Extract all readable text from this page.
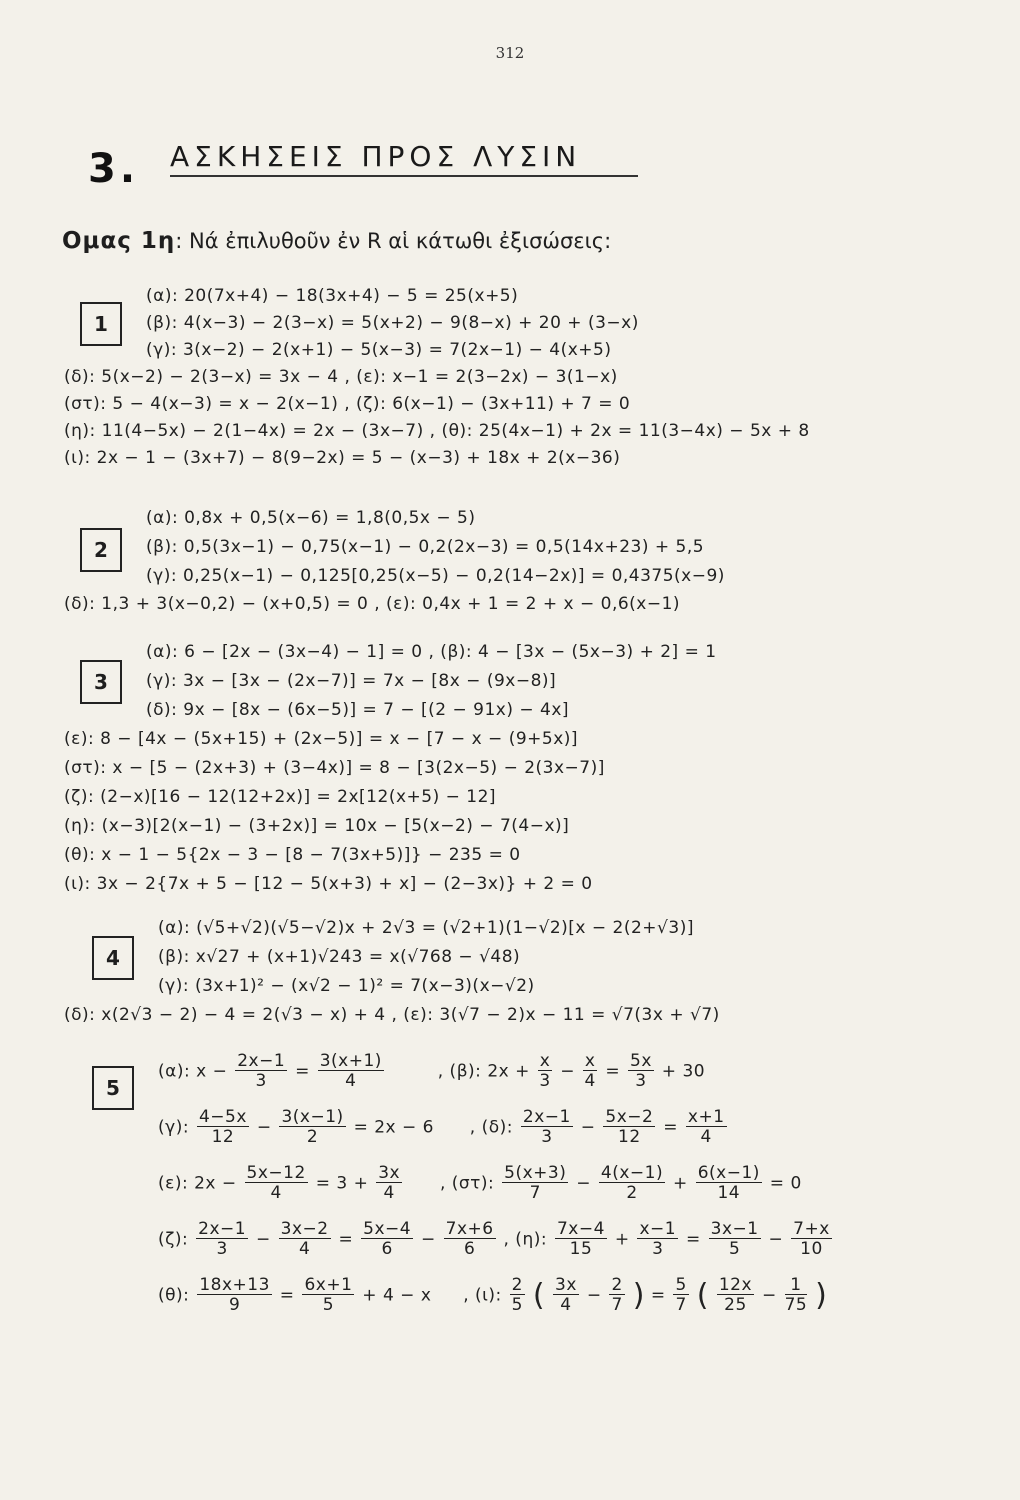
312
3. ΑΣΚΗΣΕΙΣ ΠΡΟΣ ΛΥΣΙΝ
Ομας 1η: Νά ἐπιλυθοῦν ἐν R αἱ κάτωθι ἐξισώσεις:
1
(α): 20(7x+4) − 18(3x+4) − 5 = 25(x+5)
(β): 4(x−3) − 2(3−x) = 5(x+2) − 9(8−x) + 20 + (3−x)
(γ): 3(x−2) − 2(x+1) − 5(x−3) = 7(2x−1) − 4(x+5)
(δ): 5(x−2) − 2(3−x) = 3x − 4 , (ε): x−1 = 2(3−2x) − 3(1−x)
(στ): 5 − 4(x−3) = x − 2(x−1) , (ζ): 6(x−1) − (3x+11) + 7 = 0
(η): 11(4−5x) − 2(1−4x) = 2x − (3x−7) , (θ): 25(4x−1) + 2x = 11(3−4x) − 5x + 8
(ι): 2x − 1 − (3x+7) − 8(9−2x) = 5 − (x−3) + 18x + 2(x−36)
2
(α): 0,8x + 0,5(x−6) = 1,8(0,5x − 5)
(β): 0,5(3x−1) − 0,75(x−1) − 0,2(2x−3) = 0,5(14x+23) + 5,5
(γ): 0,25(x−1) − 0,125[0,25(x−5) − 0,2(14−2x)] = 0,4375(x−9)
(δ): 1,3 + 3(x−0,2) − (x+0,5) = 0 , (ε): 0,4x + 1 = 2 + x − 0,6(x−1)
3
(α): 6 − [2x − (3x−4) − 1] = 0 , (β): 4 − [3x − (5x−3) + 2] = 1
(γ): 3x − [3x − (2x−7)] = 7x − [8x − (9x−8)]
(δ): 9x − [8x − (6x−5)] = 7 − [(2 − 91x) − 4x]
(ε): 8 − [4x − (5x+15) + (2x−5)] = x − [7 − x − (9+5x)]
(στ): x − [5 − (2x+3) + (3−4x)] = 8 − [3(2x−5) − 2(3x−7)]
(ζ): (2−x)[16 − 12(12+2x)] = 2x[12(x+5) − 12]
(η): (x−3)[2(x−1) − (3+2x)] = 10x − [5(x−2) − 7(4−x)]
(θ): x − 1 − 5{2x − 3 − [8 − 7(3x+5)]} − 235 = 0
(ι): 3x − 2{7x + 5 − [12 − 5(x+3) + x] − (2−3x)} + 2 = 0
4
(α): (√5+√2)(√5−√2)x + 2√3 = (√2+1)(1−√2)[x − 2(2+√3)]
(β): x√27 + (x+1)√243 = x(√768 − √48)
(γ): (3x+1)² − (x√2 − 1)² = 7(x−3)(x−√2)
(δ): x(2√3 − 2) − 4 = 2(√3 − x) + 4 , (ε): 3(√7 − 2)x − 11 = √7(3x + √7)
5
(α): $x - \frac{2x-1}{3} = \frac{3(x+1)}{4}$	, (β): $2x + \frac{x}{3} - \frac{x}{4} = \frac{5x}{3} + 30$
(γ): $\frac{4-5x}{12} - \frac{3(x-1)}{2} = 2x - 6$ , (δ): $\frac{2x-1}{3} - \frac{5x-2}{12} = \frac{x+1}{4}$
(ε): $2x - \frac{5x-12}{4} = 3 + \frac{3x}{4}$ , (στ): $\frac{5(x+3)}{7} - \frac{4(x-1)}{2} + \frac{6(x-1)}{14} = 0$
(ζ): $\frac{2x-1}{3} - \frac{3x-2}{4} = \frac{5x-4}{6} - \frac{7x+6}{6}$ , (η): $\frac{7x-4}{15} + \frac{x-1}{3} = \frac{3x-1}{5} - \frac{7+x}{10}$
(θ): $\frac{18x+13}{9} = \frac{6x+1}{5} + 4 - x$ , (ι): $\frac{2}{5}$ ( $\frac{3x}{4} - \frac{2}{7}$ ) = $\frac{5}{7}$ ( $\frac{12x}{25} - \frac{1}{75}$ )
